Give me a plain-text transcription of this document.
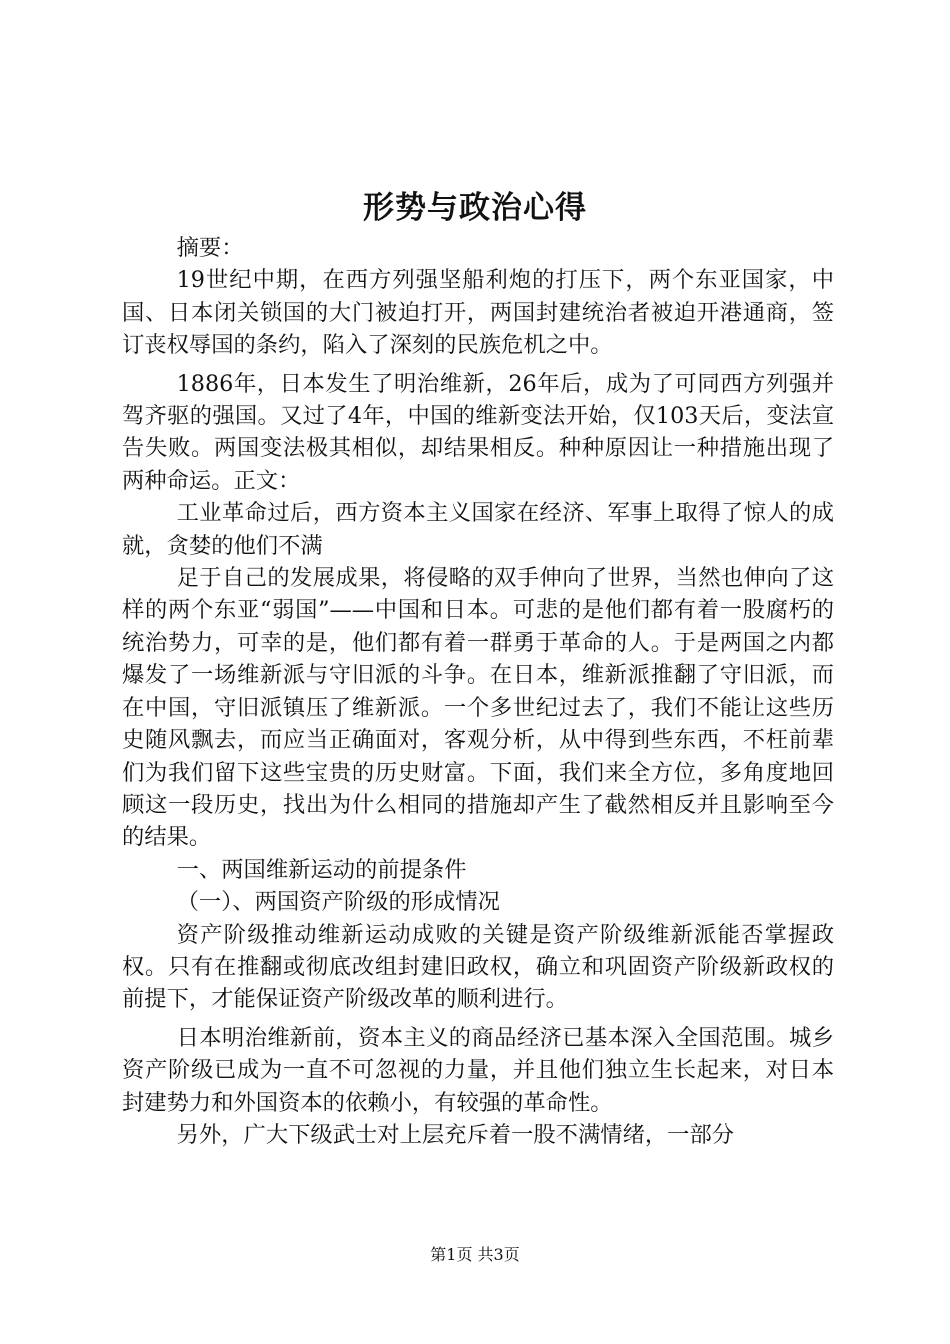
形势与政治心得

摘要：

19世纪中期，在西方列强坚船利炮的打压下，两个东亚国家，中国、日本闭关锁国的大门被迫打开，两国封建统治者被迫开港通商，签订丧权辱国的条约，陷入了深刻的民族危机之中。

1886年，日本发生了明治维新，26年后，成为了可同西方列强并驾齐驱的强国。又过了4年，中国的维新变法开始，仅103天后，变法宣告失败。两国变法极其相似，却结果相反。种种原因让一种措施出现了两种命运。正文：

工业革命过后，西方资本主义国家在经济、军事上取得了惊人的成就，贪婪的他们不满

足于自己的发展成果，将侵略的双手伸向了世界，当然也伸向了这样的两个东亚“弱国”——中国和日本。可悲的是他们都有着一股腐朽的统治势力，可幸的是，他们都有着一群勇于革命的人。于是两国之内都爆发了一场维新派与守旧派的斗争。在日本，维新派推翻了守旧派，而在中国，守旧派镇压了维新派。一个多世纪过去了，我们不能让这些历史随风飘去，而应当正确面对，客观分析，从中得到些东西，不枉前辈们为我们留下这些宝贵的历史财富。下面，我们来全方位，多角度地回顾这一段历史，找出为什么相同的措施却产生了截然相反并且影响至今的结果。

一、两国维新运动的前提条件

（一）、两国资产阶级的形成情况

资产阶级推动维新运动成败的关键是资产阶级维新派能否掌握政权。只有在推翻或彻底改组封建旧政权，确立和巩固资产阶级新政权的前提下，才能保证资产阶级改革的顺利进行。

日本明治维新前，资本主义的商品经济已基本深入全国范围。城乡资产阶级已成为一直不可忽视的力量，并且他们独立生长起来，对日本封建势力和外国资本的依赖小，有较强的革命性。

另外，广大下级武士对上层充斥着一股不满情绪，一部分

第1页 共3页
